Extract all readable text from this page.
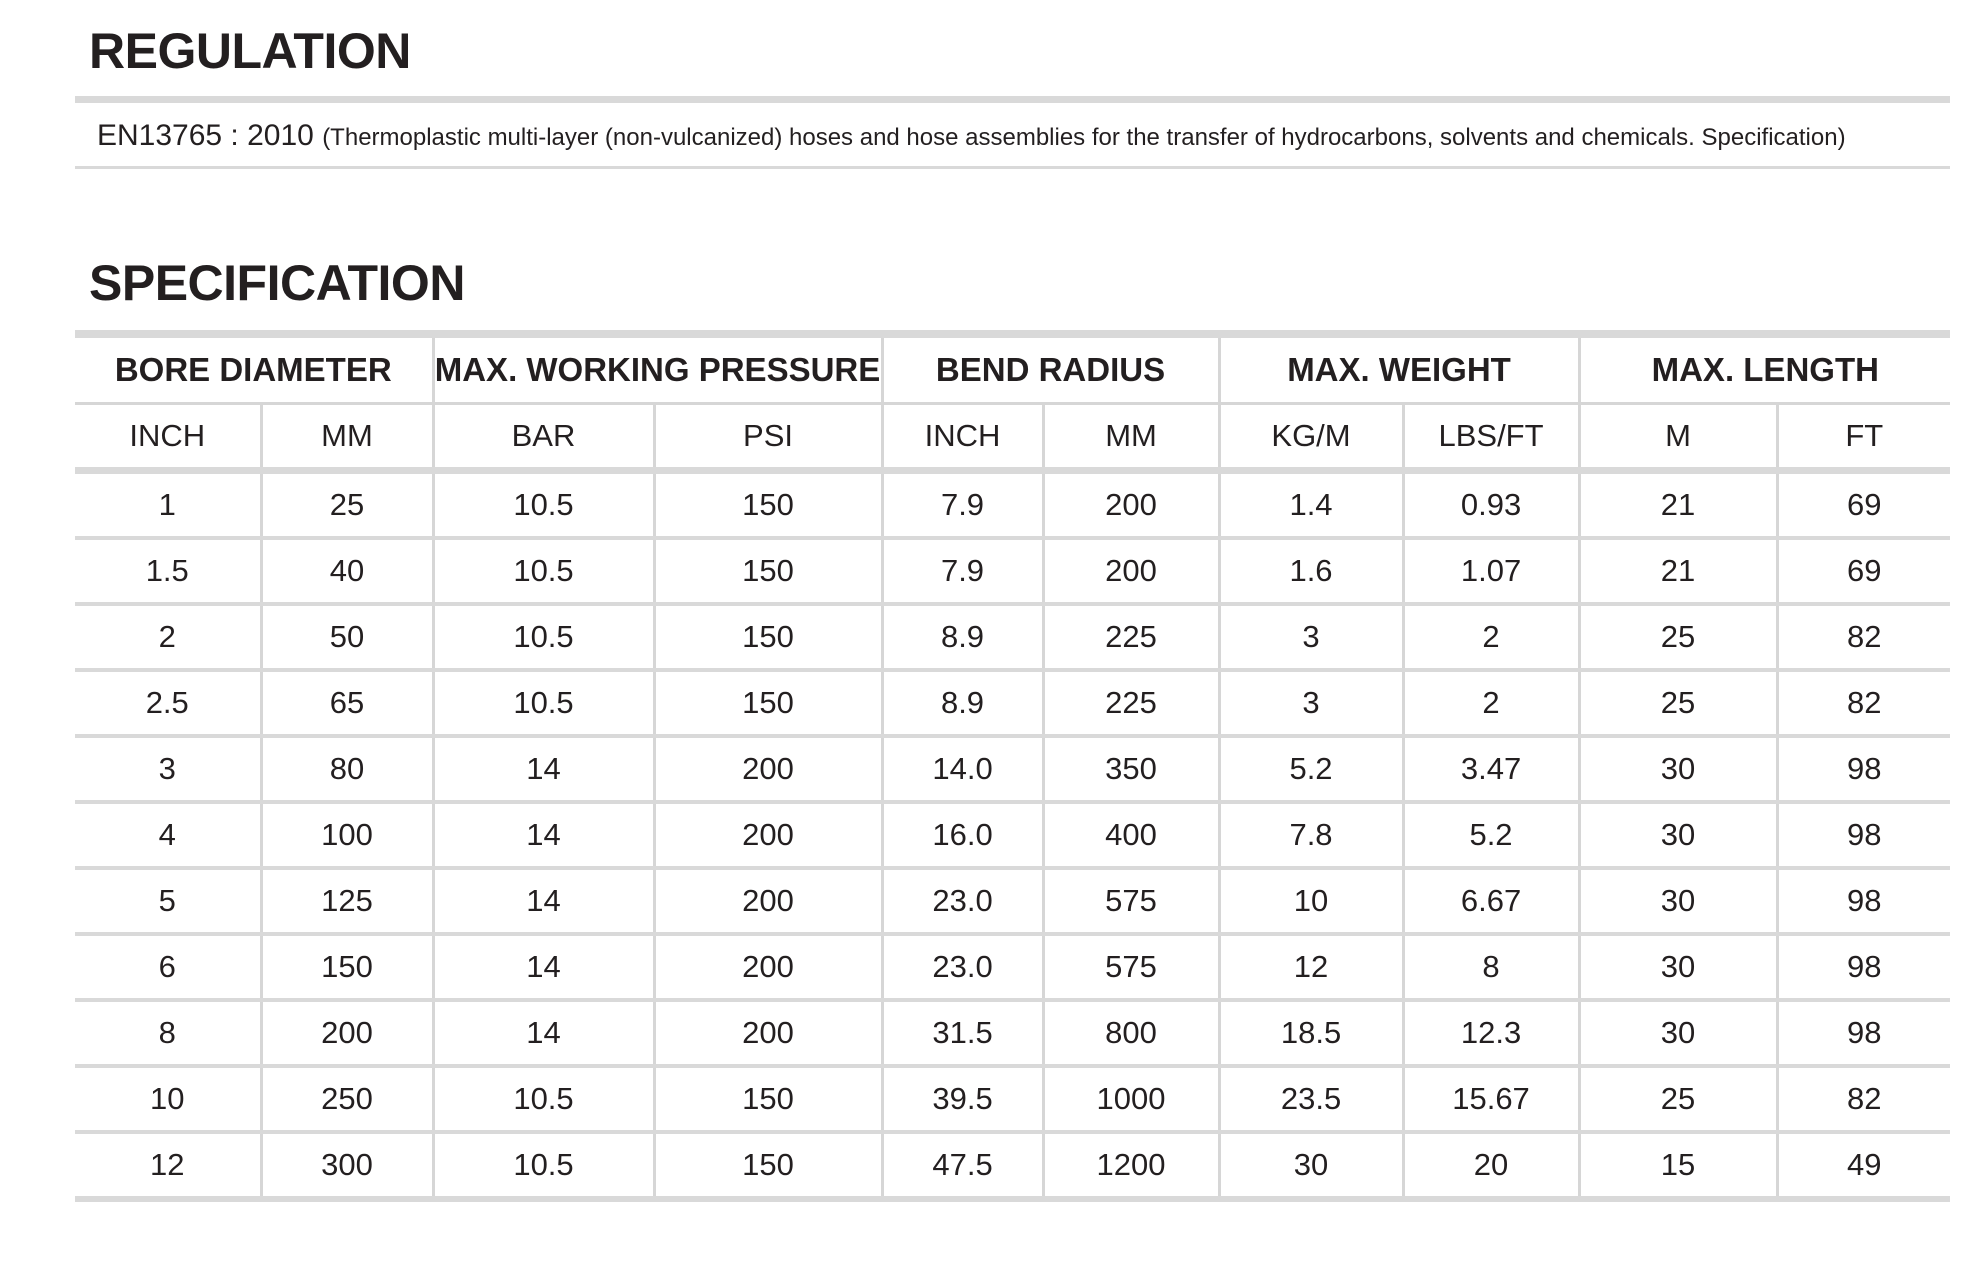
REGULATION
EN13765 : 2010 (Thermoplastic multi-layer (non-vulcanized) hoses and hose assemblies for the transfer of hydrocarbons, solvents and chemicals. Specification)
SPECIFICATION
BORE DIAMETER		MAX. WORKING PRESSURE		BEND RADIUS		MAX. WEIGHT		MAX. LENGTH	
INCH	MM	BAR	PSI	INCH	MM	KG/M	LBS/FT	M	FT
1	25	10.5	150	7.9	200	1.4	0.93	21	69
1.5	40	10.5	150	7.9	200	1.6	1.07	21	69
2	50	10.5	150	8.9	225	3	2	25	82
2.5	65	10.5	150	8.9	225	3	2	25	82
3	80	14	200	14.0	350	5.2	3.47	30	98
4	100	14	200	16.0	400	7.8	5.2	30	98
5	125	14	200	23.0	575	10	6.67	30	98
6	150	14	200	23.0	575	12	8	30	98
8	200	14	200	31.5	800	18.5	12.3	30	98
10	250	10.5	150	39.5	1000	23.5	15.67	25	82
12	300	10.5	150	47.5	1200	30	20	15	49
